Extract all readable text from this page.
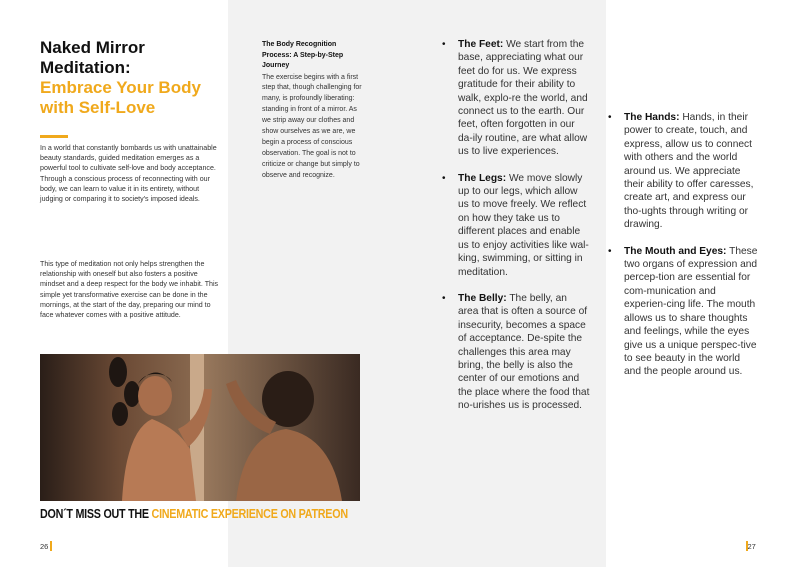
Naked Mirror Meditation:
Embrace Your Body with Self-Love

In a world that constantly bombards us with unattainable beauty standards, guided meditation emerges as a powerful tool to cultivate self-love and body acceptance. Through a conscious process of reconnecting with our body, we can learn to value it in its entirety, without judging or comparing it to society's imposed ideals.

This type of meditation not only helps strengthen the relationship with oneself but also fosters a positive mindset and a deep respect for the body we inhabit. This simple yet transformative exercise can be done in the mornings, at the start of the day, preparing our mind to face whatever comes with a positive attitude.

The Body Recognition Process: A Step-by-Step Journey

The exercise begins with a first step that, though challenging for many, is profoundly liberating: standing in front of a mirror. As we strip away our clothes and show ourselves as we are, we begin a process of conscious observation. The goal is not to criticize or change but simply to observe and recognize.

DON´T MISS OUT THE CINEMATIC EXPERIENCE ON PATREON
26
• The Feet: We start from the base, appreciating what our feet do for us. We express gratitude for their ability to walk, explo-re the world, and connect us to the earth. Our feet, often forgotten in our da-ily routine, are what allow us to live experiences.
• The Legs: We move slowly up to our legs, which allow us to move freely. We reflect on how they take us to different places and enable us to enjoy activities like wal-king, swimming, or sitting in meditation.
• The Belly: The belly, an area that is often a source of insecurity, becomes a space of acceptance. De-spite the challenges this area may bring, the belly is also the center of our emotions and the place where the food that no-urishes us is processed.
• The Hands: Hands, in their power to create, touch, and express, allow us to connect with others and the world around us. We appreciate their ability to offer caresses, create art, and express our tho-ughts through writing or drawing.
• The Mouth and Eyes: These two organs of expression and percep-tion are essential for com-munication and experien-cing life. The mouth allows us to share thoughts and feelings, while the eyes give us a unique perspec-tive to see beauty in the world and the people around us.
27
